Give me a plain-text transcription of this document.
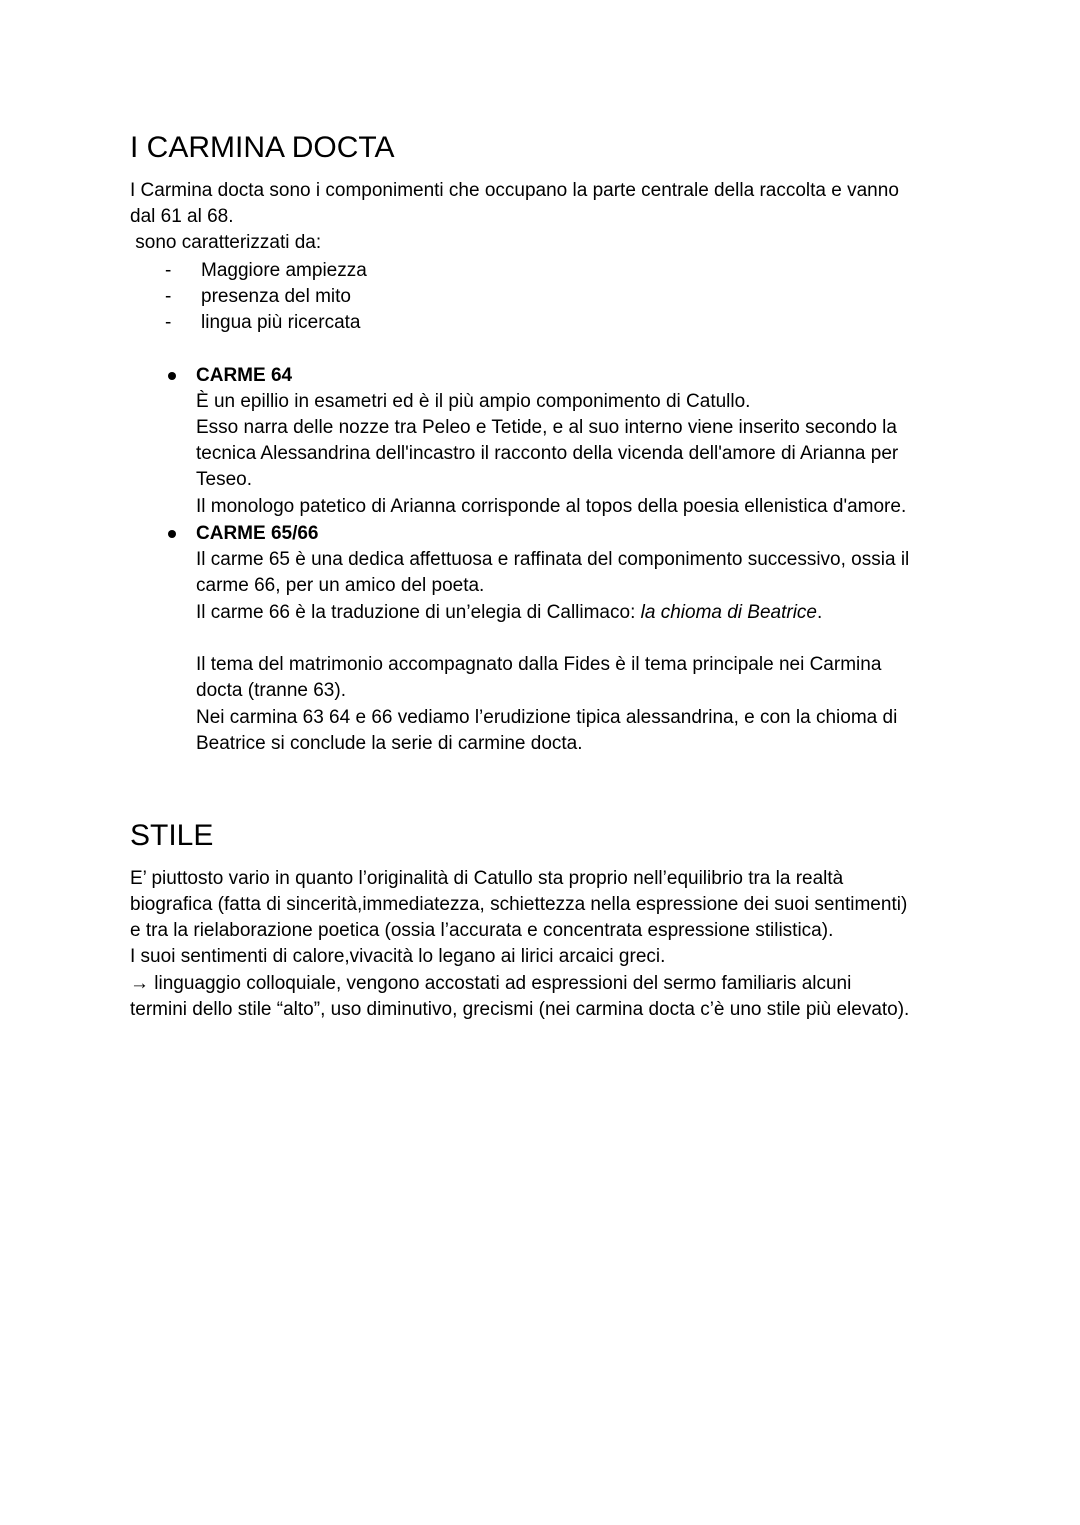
I CARMINA DOCTA
I Carmina docta sono i componimenti che occupano la parte centrale della raccolta e vanno
dal 61 al 68.
sono caratterizzati da:
- Maggiore ampiezza
- presenza del mito
- lingua più ricercata
CARME 64
È un epillio in esametri ed è il più ampio componimento di Catullo.
Esso narra delle nozze tra Peleo e Tetide, e al suo interno viene inserito secondo la
tecnica Alessandrina dell'incastro il racconto della vicenda dell'amore di Arianna per
Teseo.
Il monologo patetico di Arianna corrisponde al topos della poesia ellenistica d'amore.
CARME 65/66
Il carme 65 è una dedica affettuosa e raffinata del componimento successivo, ossia il
carme 66, per un amico del poeta.
Il carme 66 è la traduzione di un’elegia di Callimaco: la chioma di Beatrice.
Il tema del matrimonio accompagnato dalla Fides è il tema principale nei Carmina
docta (tranne 63).
Nei carmina 63 64 e 66 vediamo l’erudizione tipica alessandrina, e con la chioma di
Beatrice si conclude la serie di carmine docta.
STILE
E’ piuttosto vario in quanto l’originalità di Catullo sta proprio nell’equilibrio tra la realtà
biografica (fatta di sincerità,immediatezza, schiettezza nella espressione dei suoi sentimenti)
e tra la rielaborazione poetica (ossia l’accurata e concentrata espressione stilistica).
I suoi sentimenti di calore,vivacità lo legano ai lirici arcaici greci.
→ linguaggio colloquiale, vengono accostati ad espressioni del sermo familiaris alcuni
termini dello stile “alto”, uso diminutivo, grecismi (nei carmina docta c’è uno stile più elevato).
